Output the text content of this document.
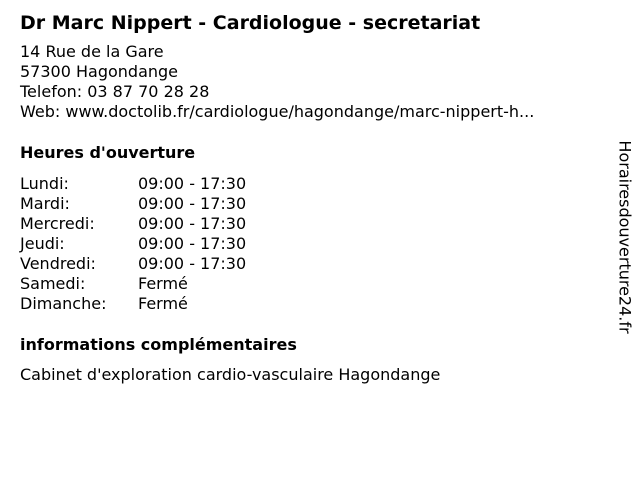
Dr Marc Nippert - Cardiologue - secretariat
14 Rue de la Gare
57300 Hagondange
Telefon: 03 87 70 28 28
Web: www.doctolib.fr/cardiologue/hagondange/marc-nippert-h...
Heures d'ouverture
Lundi:	09:00 - 17:30
Mardi:	09:00 - 17:30
Mercredi:	09:00 - 17:30
Jeudi:	09:00 - 17:30
Vendredi:	09:00 - 17:30
Samedi:	Fermé
Dimanche:	Fermé
informations complémentaires
Cabinet d'exploration cardio-vasculaire Hagondange
Horairesdouverture24.fr
